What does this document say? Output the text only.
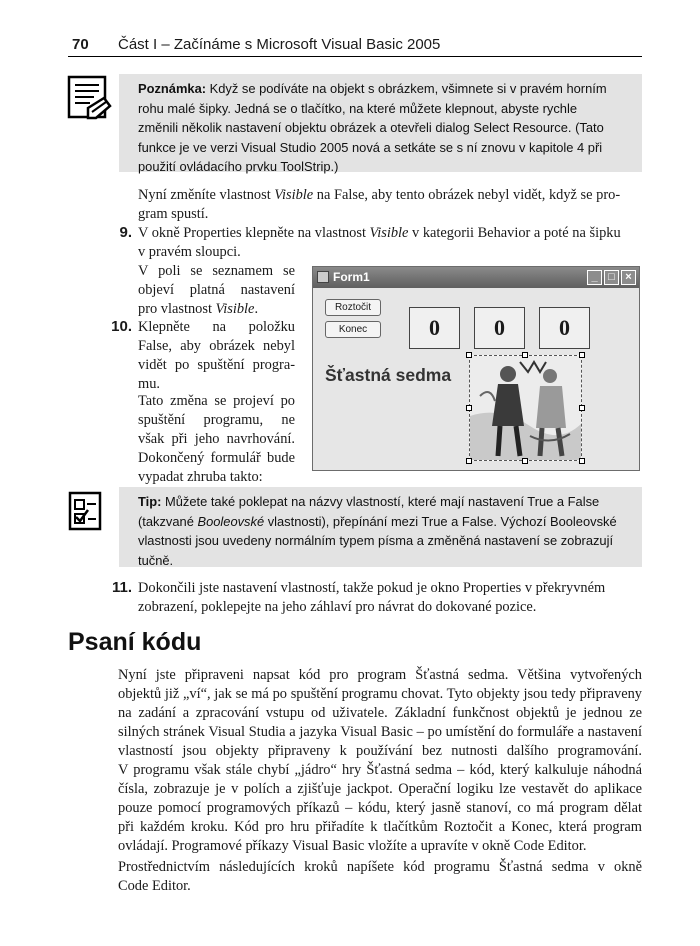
70 Část I – Začínáme s Microsoft Visual Basic 2005
Poznámka: Když se podíváte na objekt s obrázkem, všimnete si v pravém horním
rohu malé šipky. Jedná se o tlačítko, na které můžete klepnout, abyste rychle
změnili několik nastavení objektu obrázek a otevřeli dialog Select Resource. (Tato
funkce je ve verzi Visual Studio 2005 nová a setkáte se s ní znovu v kapitole 4 při
použití ovládacího prvku ToolStrip.)
Nyní změníte vlastnost Visible na False, aby tento obrázek nebyl vidět, když se pro-
gram spustí.
9. V okně Properties klepněte na vlastnost Visible v kategorii Behavior a poté na šipku
v pravém sloupci.
V poli se seznamem se
objeví platná nastavení
pro vlastnost Visible.
10. Klepněte na položku
False, aby obrázek nebyl
vidět po spuštění progra-
mu.
Tato změna se projeví po
spuštění programu, ne
však při jeho navrhování.
Dokončený formulář bude
vypadat zhruba takto:
Form1	_ □ ×
Roztočit
Konec	0	0	0
Šťastná sedma
Tip: Můžete také poklepat na názvy vlastností, které mají nastavení True a False
(takzvané Booleovské vlastnosti), přepínání mezi True a False. Výchozí Booleovské
vlastnosti jsou uvedeny normálním typem písma a změněná nastavení se zobrazují
tučně.
11. Dokončili jste nastavení vlastností, takže pokud je okno Properties v překryvném
zobrazení, poklepejte na jeho záhlaví pro návrat do dokované pozice.
Psaní kódu
Nyní jste připraveni napsat kód pro program Šťastná sedma. Většina vytvořených
objektů již „ví“, jak se má po spuštění programu chovat. Tyto objekty jsou tedy připraveny
na zadání a zpracování vstupu od uživatele. Základní funkčnost objektů je jednou ze
silných stránek Visual Studia a jazyka Visual Basic – po umístění do formuláře a nastavení
vlastností jsou objekty připraveny k používání bez nutnosti dalšího programování.
V programu však stále chybí „jádro“ hry Šťastná sedma – kód, který kalkuluje náhodná
čísla, zobrazuje je v polích a zjišťuje jackpot. Operační logiku lze vestavět do aplikace
pouze pomocí programových příkazů – kódu, který jasně stanoví, co má program dělat
při každém kroku. Kód pro hru přiřadíte k tlačítkům Roztočit a Konec, která program
ovládají. Programové příkazy Visual Basic vložíte a upravíte v okně Code Editor.
Prostřednictvím následujících kroků napíšete kód programu Šťastná sedma v okně
Code Editor.
